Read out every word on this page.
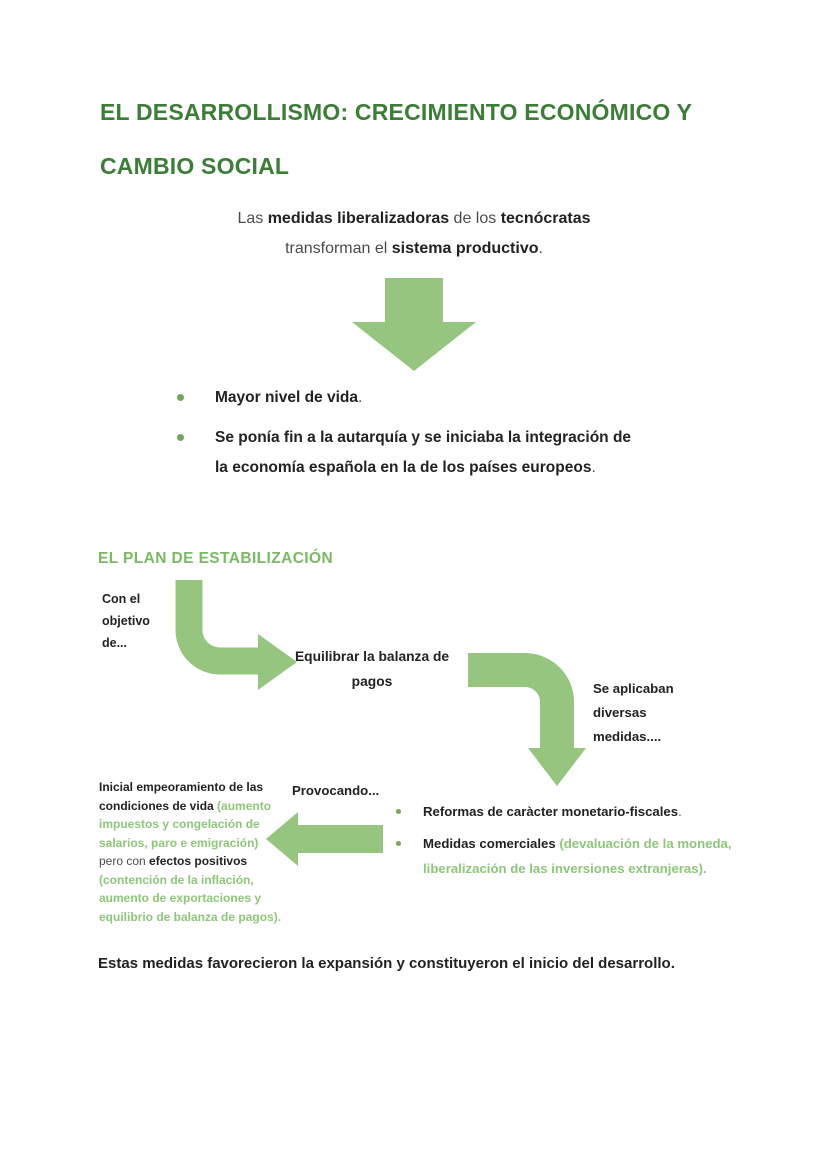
EL DESARROLLISMO: CRECIMIENTO ECONÓMICO Y
CAMBIO SOCIAL

Las medidas liberalizadoras de los tecnócratas
transforman el sistema productivo.

Mayor nivel de vida.
Se ponía fin a la autarquía y se iniciaba la integración de
la economía española en la de los países europeos.
EL PLAN DE ESTABILIZACIÓN

Con el objetivo de...

Equilibrar la balanza de pagos	Se aplicaban diversas medidas....

Provocando...

Reformas de caràcter monetario-fiscales.
Medidas comerciales (devaluación de la moneda, liberalización de las inversiones extranjeras).

Inicial empeoramiento de las condiciones de vida (aumento impuestos y congelación de salarios, paro e emigración) pero con efectos positivos (contención de la inflación, aumento de exportaciones y equilibrio de balanza de pagos).

Estas medidas favorecieron la expansión y constituyeron el inicio del desarrollo.
